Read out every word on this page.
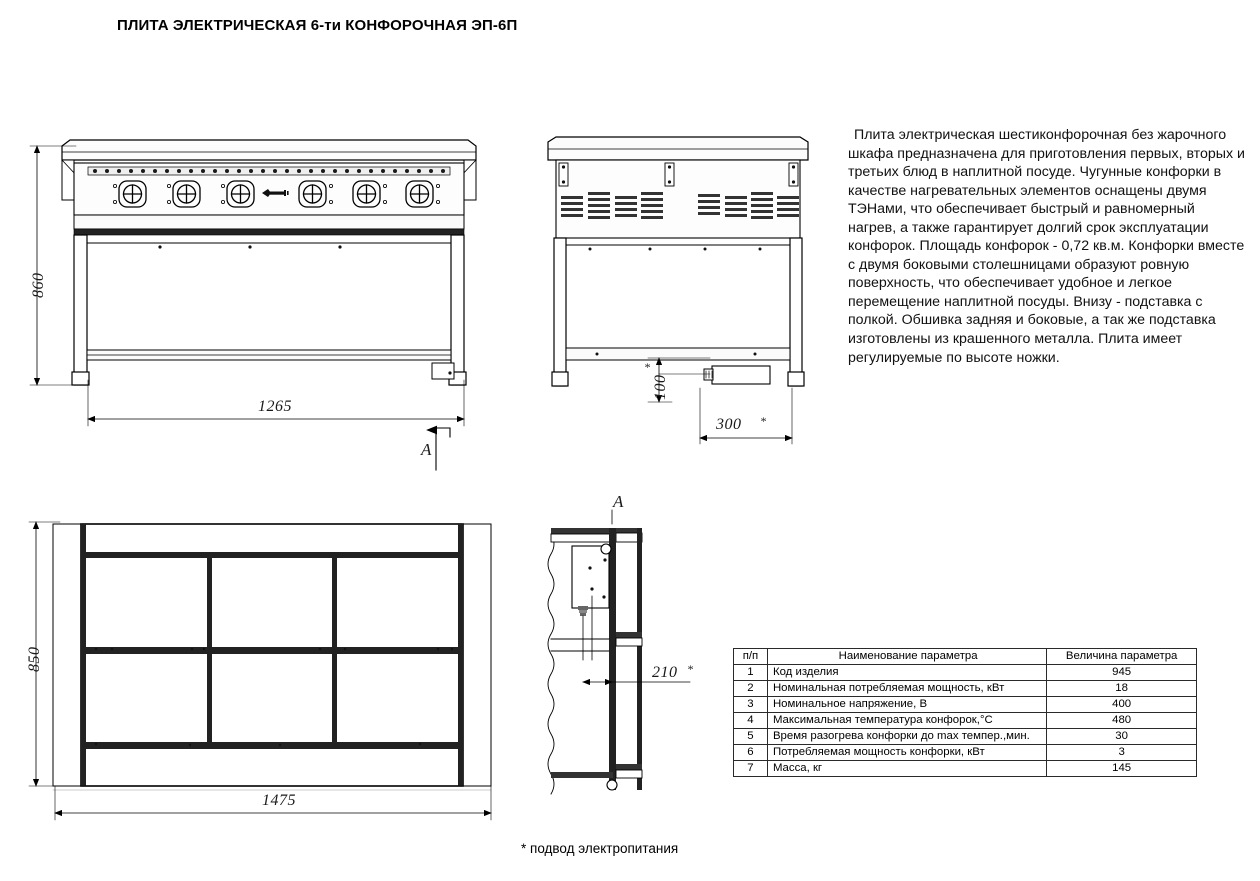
ПЛИТА ЭЛЕКТРИЧЕСКАЯ 6-ти КОНФОРОЧНАЯ ЭП-6П
860
1265
100
*
300 *
850
1475
210 *
A
A
Плита электрическая шестиконфорочная без жарочного шкафа предназначена для приготовления первых, вторых и третьих блюд в наплитной посуде. Чугунные конфорки в качестве нагревательных элементов оснащены двумя ТЭНами, что обеспечивает быстрый и равномерный нагрев, а также гарантирует долгий срок эксплуатации конфорок. Площадь конфорок - 0,72 кв.м. Конфорки вместе с двумя боковыми столешницами образуют ровную поверхность, что обеспечивает удобное и легкое перемещение наплитной посуды. Внизу - подставка с полкой. Обшивка задняя и боковые, а так же подставка изготовлены из крашенного металла. Плита имеет регулируемые по высоте ножки.
* подвод электропитания
п/п	Наименование параметра	Величина параметра
1	Код изделия	945
2	Номинальная потребляемая мощность, кВт	18
3	Номинальное напряжение, В	400
4	Максимальная температура конфорок,°С	480
5	Время разогрева конфорки до max темпер.,мин.	30
6	Потребляемая мощность конфорки, кВт	3
7	Масса, кг	145
